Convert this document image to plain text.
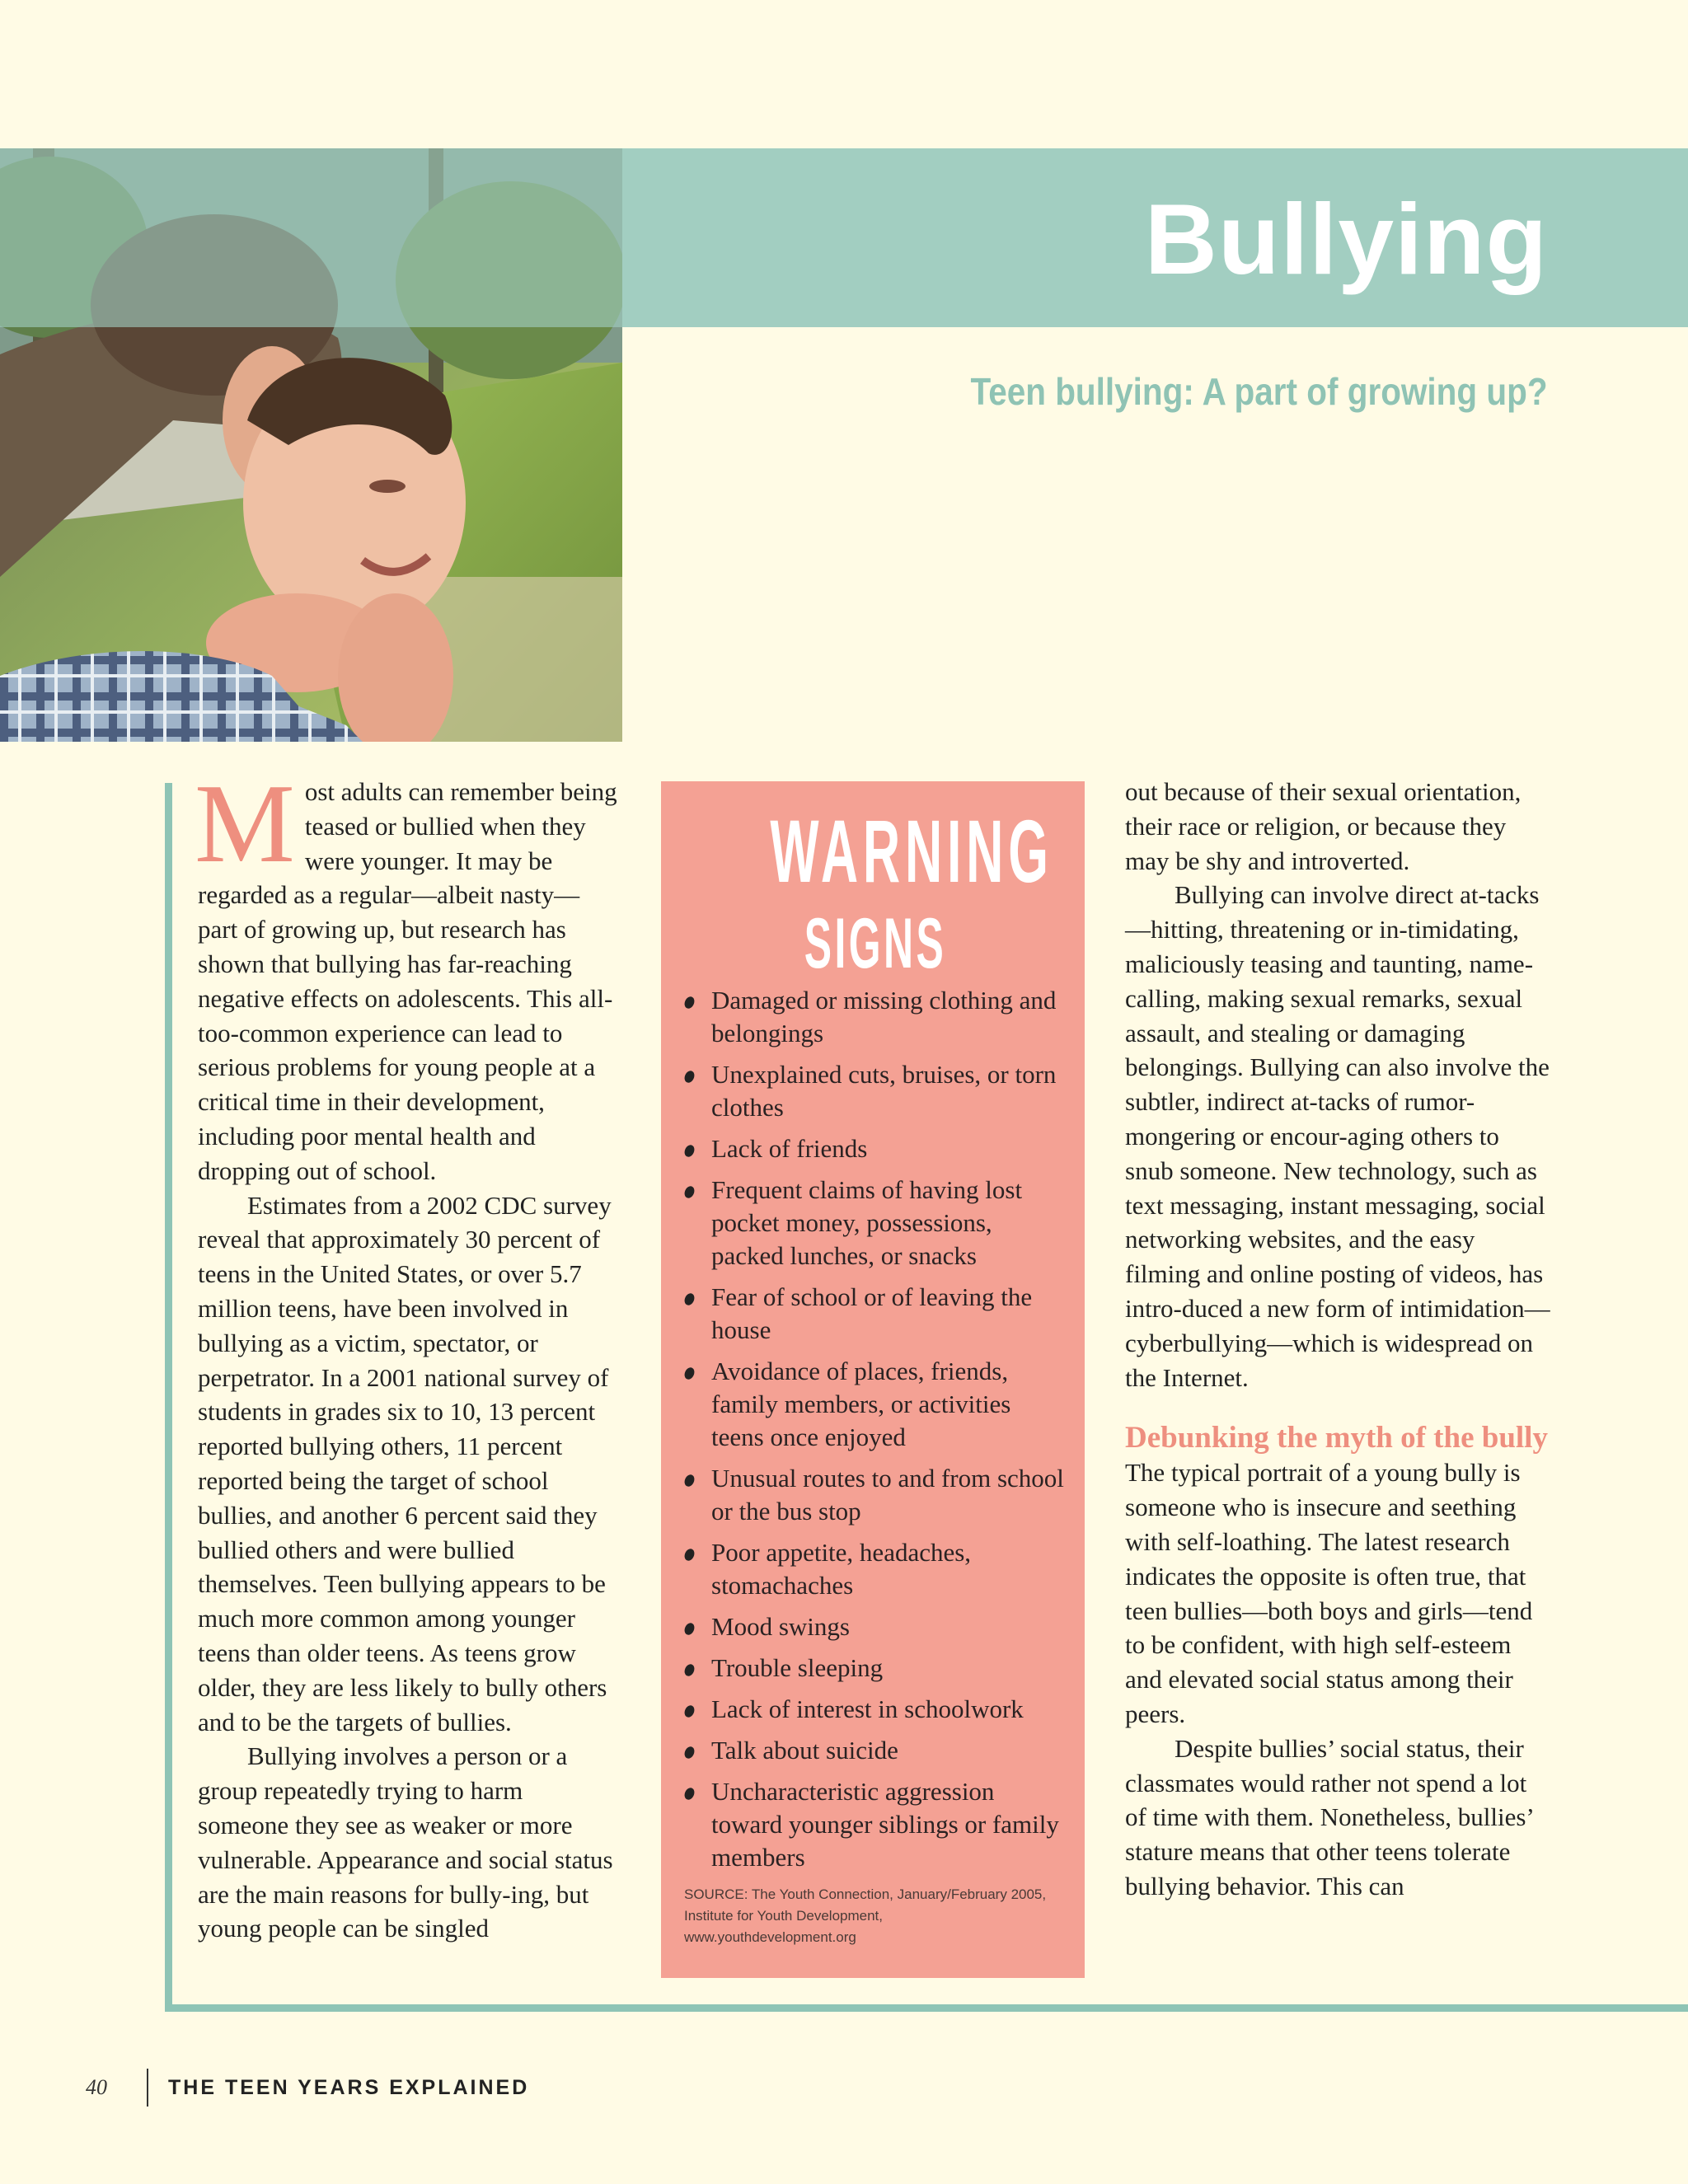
Bullying
Teen bullying: A part of growing up?

Most adults can remember being teased or bullied when they were younger. It may be regarded as a regular—albeit nasty—part of growing up, but research has shown that bullying has far-reaching negative effects on adolescents. This all-too-common experience can lead to serious problems for young people at a critical time in their development, including poor mental health and dropping out of school.

Estimates from a 2002 CDC survey reveal that approximately 30 percent of teens in the United States, or over 5.7 million teens, have been involved in bullying as a victim, spectator, or perpetrator. In a 2001 national survey of students in grades six to 10, 13 percent reported bullying others, 11 percent reported being the target of school bullies, and another 6 percent said they bullied others and were bullied themselves. Teen bullying appears to be much more common among younger teens than older teens. As teens grow older, they are less likely to bully others and to be the targets of bullies.

Bullying involves a person or a group repeatedly trying to harm someone they see as weaker or more vulnerable. Appearance and social status are the main reasons for bully-ing, but young people can be singled

WARNING
SIGNS
Damaged or missing clothing and belongings
Unexplained cuts, bruises, or torn clothes
Lack of friends
Frequent claims of having lost pocket money, possessions, packed lunches, or snacks
Fear of school or of leaving the house
Avoidance of places, friends, family members, or activities teens once enjoyed
Unusual routes to and from school or the bus stop
Poor appetite, headaches, stomachaches
Mood swings
Trouble sleeping
Lack of interest in schoolwork
Talk about suicide
Uncharacteristic aggression toward younger siblings or family members

SOURCE: The Youth Connection, January/February 2005, Institute for Youth Development, www.youthdevelopment.org

out because of their sexual orientation, their race or religion, or because they may be shy and introverted.

Bullying can involve direct at-tacks—hitting, threatening or in-timidating, maliciously teasing and taunting, name-calling, making sexual remarks, sexual assault, and stealing or damaging belongings. Bullying can also involve the subtler, indirect at-tacks of rumor-mongering or encour-aging others to snub someone. New technology, such as text messaging, instant messaging, social networking websites, and the easy filming and online posting of videos, has intro-duced a new form of intimidation—cyberbullying—which is widespread on the Internet.

Debunking the myth of the bully

The typical portrait of a young bully is someone who is insecure and seething with self-loathing. The latest research indicates the opposite is often true, that teen bullies—both boys and girls—tend to be confident, with high self-esteem and elevated social status among their peers.

Despite bullies’ social status, their classmates would rather not spend a lot of time with them. Nonetheless, bullies’ stature means that other teens tolerate bullying behavior. This can

40	THE TEEN YEARS EXPLAINED
